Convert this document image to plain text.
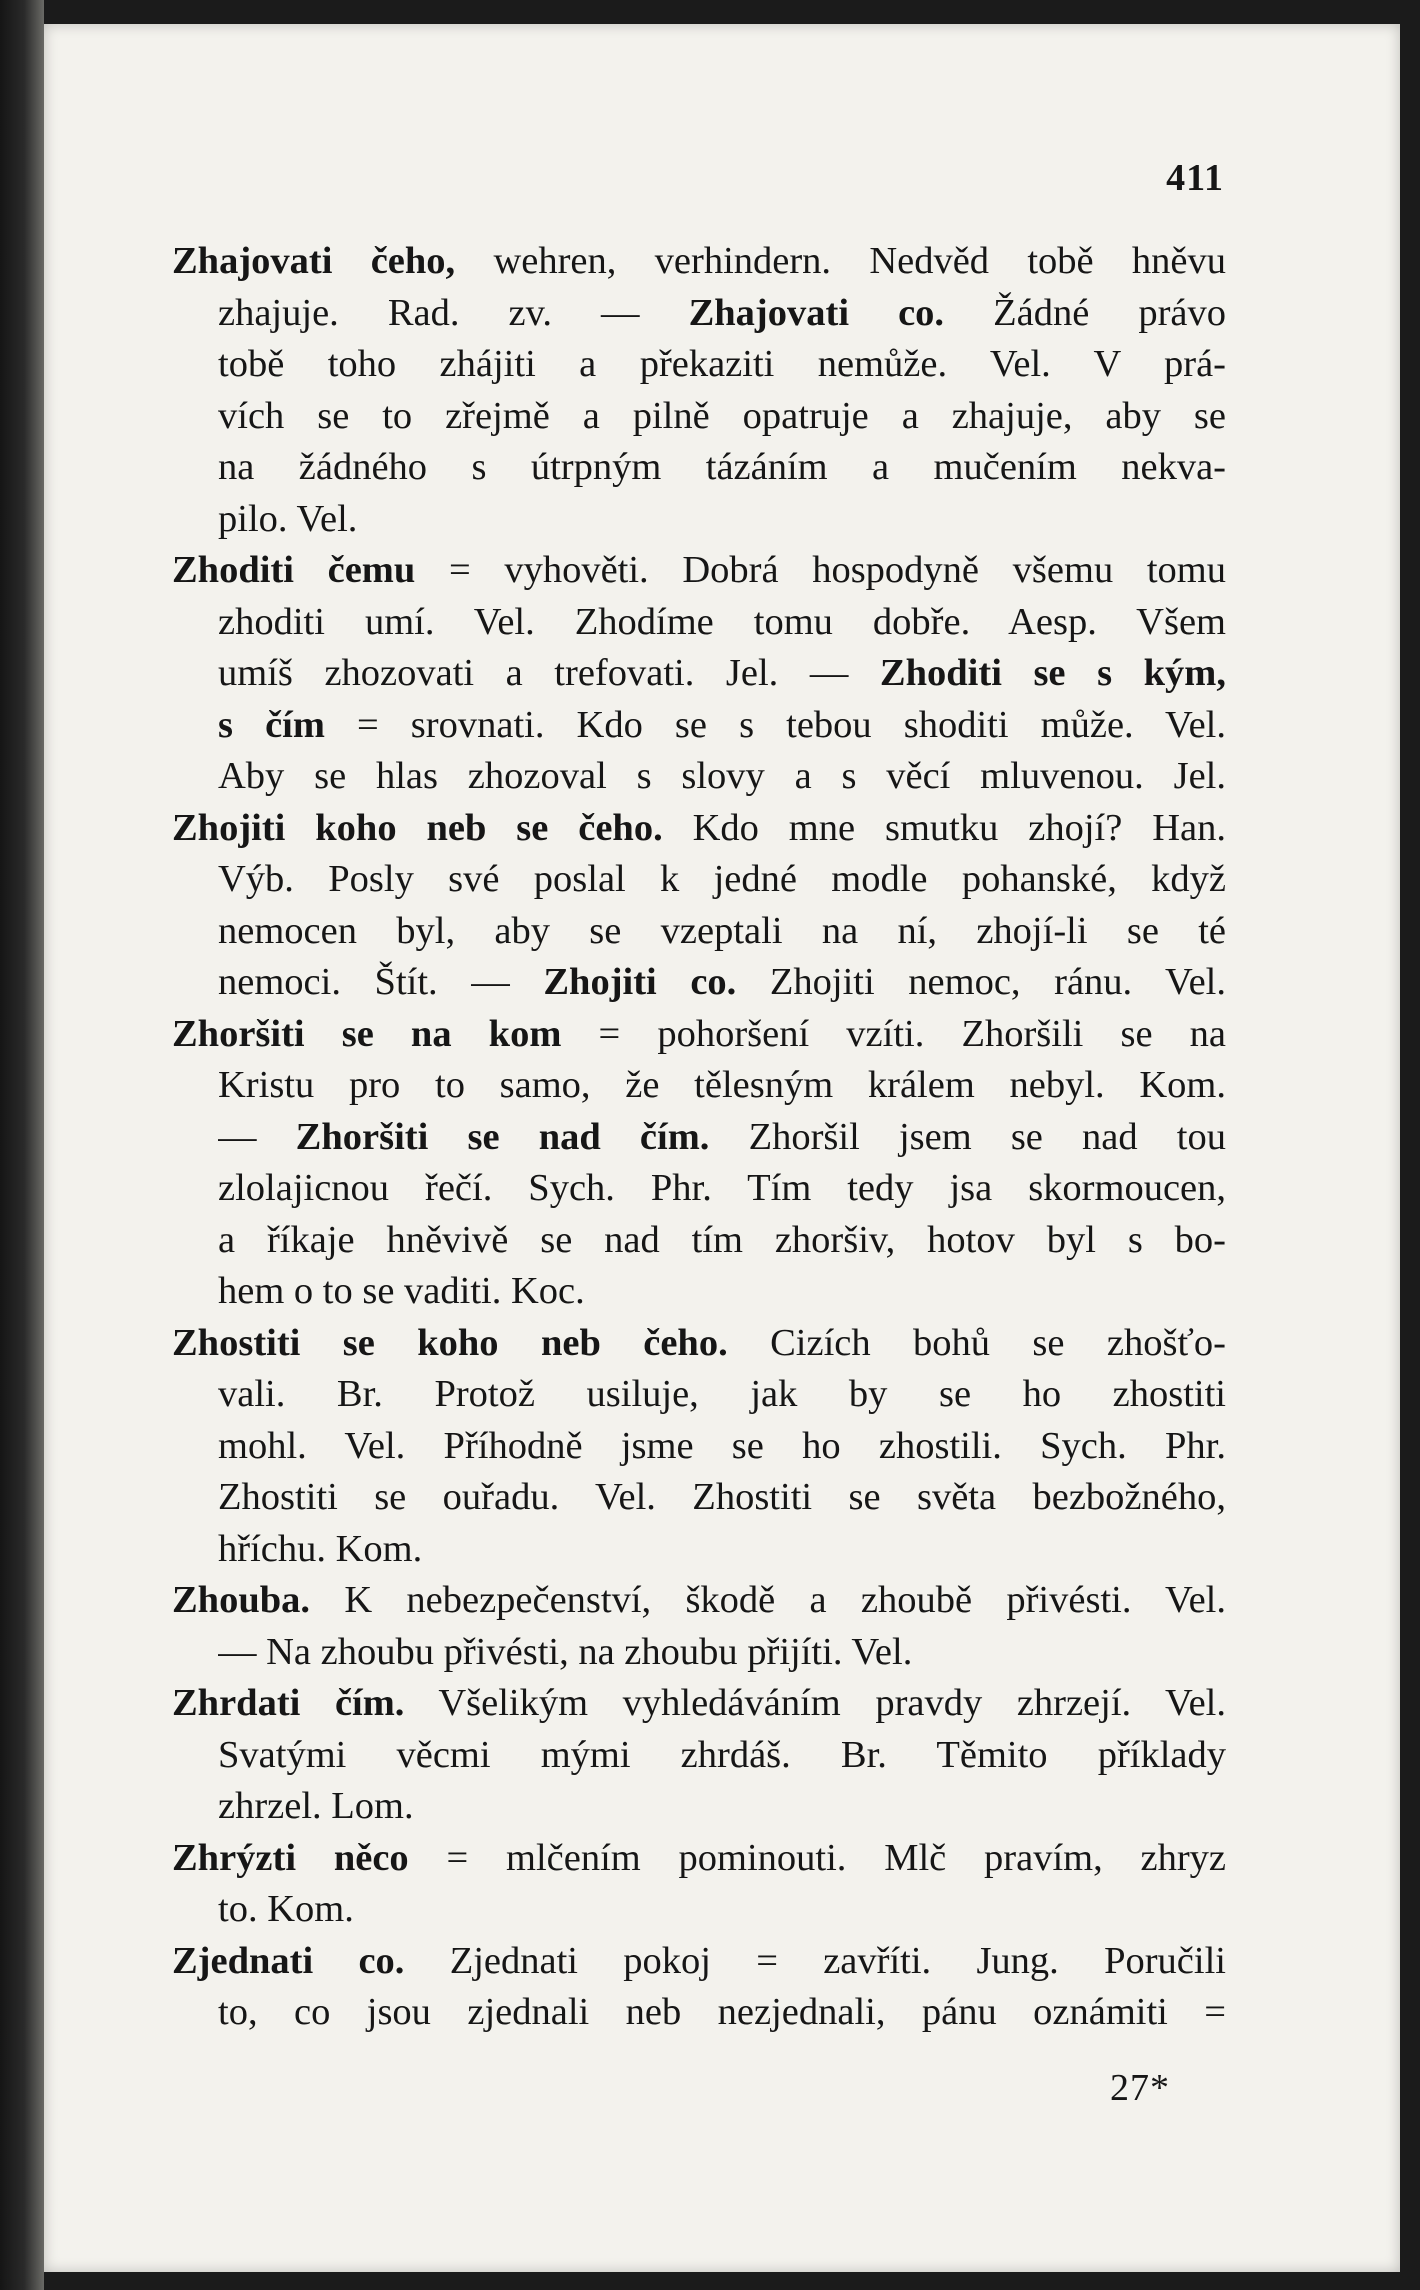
411
Zhajovati čeho, wehren, verhindern. Nedvěd tobě hněvu
zhajuje. Rad. zv. — Zhajovati co. Žádné právo
tobě toho zhájiti a překaziti nemůže. Vel. V prá-
vích se to zřejmě a pilně opatruje a zhajuje, aby se
na žádného s útrpným tázáním a mučením nekva-
pilo. Vel.
Zhoditi čemu = vyhověti. Dobrá hospodyně všemu tomu
zhoditi umí. Vel. Zhodíme tomu dobře. Aesp. Všem
umíš zhozovati a trefovati. Jel. — Zhoditi se s kým,
s čím = srovnati. Kdo se s tebou shoditi může. Vel.
Aby se hlas zhozoval s slovy a s věcí mluvenou. Jel.
Zhojiti koho neb se čeho. Kdo mne smutku zhojí? Han.
Výb. Posly své poslal k jedné modle pohanské, když
nemocen byl, aby se vzeptali na ní, zhojí-li se té
nemoci. Štít. — Zhojiti co. Zhojiti nemoc, ránu. Vel.
Zhoršiti se na kom = pohoršení vzíti. Zhoršili se na
Kristu pro to samo, že tělesným králem nebyl. Kom.
— Zhoršiti se nad čím. Zhoršil jsem se nad tou
zlolajicnou řečí. Sych. Phr. Tím tedy jsa skormoucen,
a říkaje hněvivě se nad tím zhoršiv, hotov byl s bo-
hem o to se vaditi. Koc.
Zhostiti se koho neb čeho. Cizích bohů se zhošťo-
vali. Br. Protož usiluje, jak by se ho zhostiti
mohl. Vel. Příhodně jsme se ho zhostili. Sych. Phr.
Zhostiti se ouřadu. Vel. Zhostiti se světa bezbožného,
hříchu. Kom.
Zhouba. K nebezpečenství, škodě a zhoubě přivésti. Vel.
— Na zhoubu přivésti, na zhoubu přijíti. Vel.
Zhrdati čím. Všelikým vyhledáváním pravdy zhrzejí. Vel.
Svatými věcmi mými zhrdáš. Br. Těmito příklady
zhrzel. Lom.
Zhrýzti něco = mlčením pominouti. Mlč pravím, zhryz
to. Kom.
Zjednati co. Zjednati pokoj = zavříti. Jung. Poručili
to, co jsou zjednali neb nezjednali, pánu oznámiti =
27*
